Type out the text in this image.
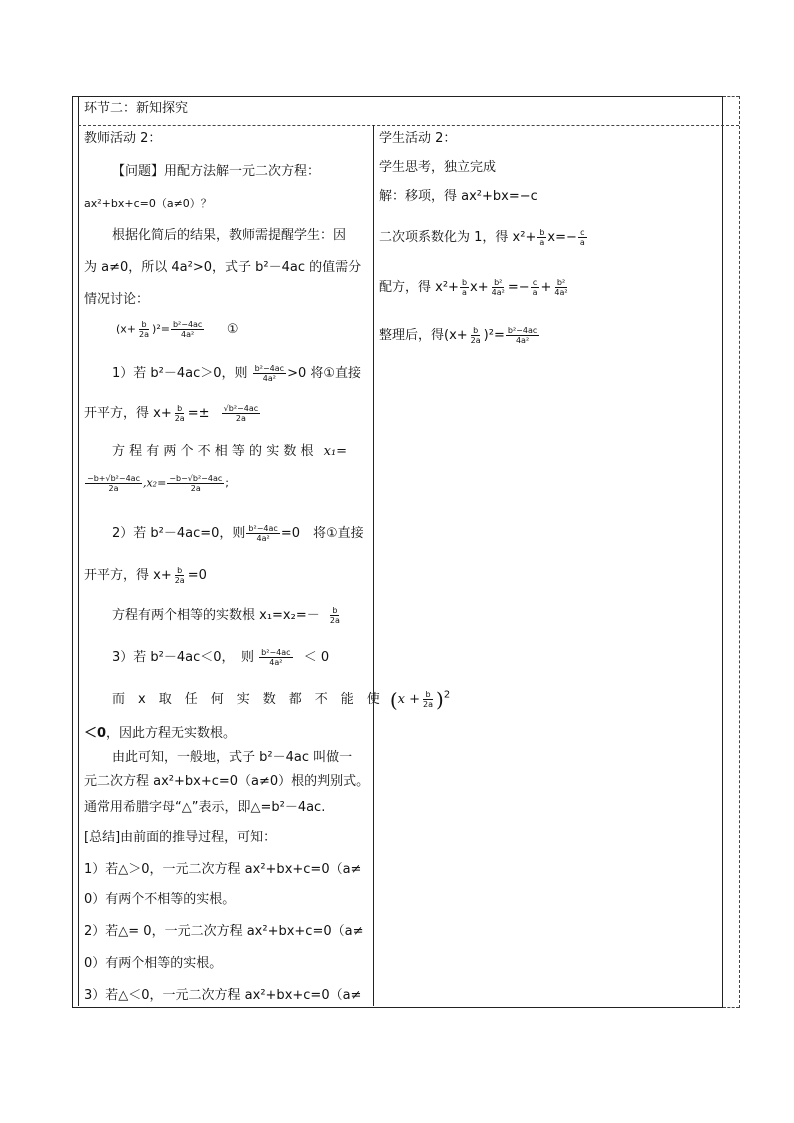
环节二：新知探究
教师活动 2：
【问题】用配方法解一元二次方程：
ax²+bx+c=0（a≠0）？
根据化简后的结果，教师需提醒学生：因
为 a≠0，所以 4a²>0，式子 b²－4ac 的值需分
情况讨论：
$(x+ \frac{b}{2a} )^2= \frac{\text{b²−4ac}}{\text{4a²}}$ ①
1）若 b²－4ac＞0，则 $\frac{\text{b²−4ac}}{\text{4a²}} >0$ 将①直接
开平方，得 $x+ \frac{b}{2a} =\pm \frac{\text{√b²−4ac}}{2a}$
方 程 有 两 个 不 相 等 的 实 数 根 x₁=
$\frac{\text{−b+√b²−4ac}}{2a} ,x_2= \frac{\text{−b−√b²−4ac}}{2a}$ ;
2）若 b²－4ac=0，则 $\frac{\text{b²−4ac}}{\text{4a²}} =0$　将①直接
开平方，得 $x+ \frac{b}{2a} =0$
方程有两个相等的实数根 $x_1=x_2=- \frac{b}{2a}$
3）若 b²－4ac＜0，　则 $\frac{\text{b²−4ac}}{\text{4a²}} < 0$
而　x　取　任　何　实　数　都　不　能　使 $(x + \frac{b}{2a} )^2$
＜0，因此方程无实数根。
由此可知，一般地，式子 b²－4ac 叫做一
元二次方程 ax²+bx+c=0（a≠0）根的判别式。
通常用希腊字母“△”表示，即△=b²－4ac.
[总结]由前面的推导过程，可知：
1）若△＞0，一元二次方程 ax²+bx+c=0（a≠
0）有两个不相等的实根。
2）若△= 0，一元二次方程 ax²+bx+c=0（a≠
0）有两个相等的实根。
3）若△＜0，一元二次方程 ax²+bx+c=0（a≠
学生活动 2：
学生思考，独立完成
解：移项，得 ax²+bx=−c
二次项系数化为 1，得 $x^2+ \frac{b}{a} x=- \frac{c}{a}$
配方，得 $x^2+ \frac{b}{a} x+ \frac{\text{b²}}{\text{4a²}} =- \frac{c}{a} + \frac{\text{b²}}{\text{4a²}}$
整理后，得$(x+ \frac{b}{2a} )^2= \frac{\text{b²−4ac}}{\text{4a²}}$
